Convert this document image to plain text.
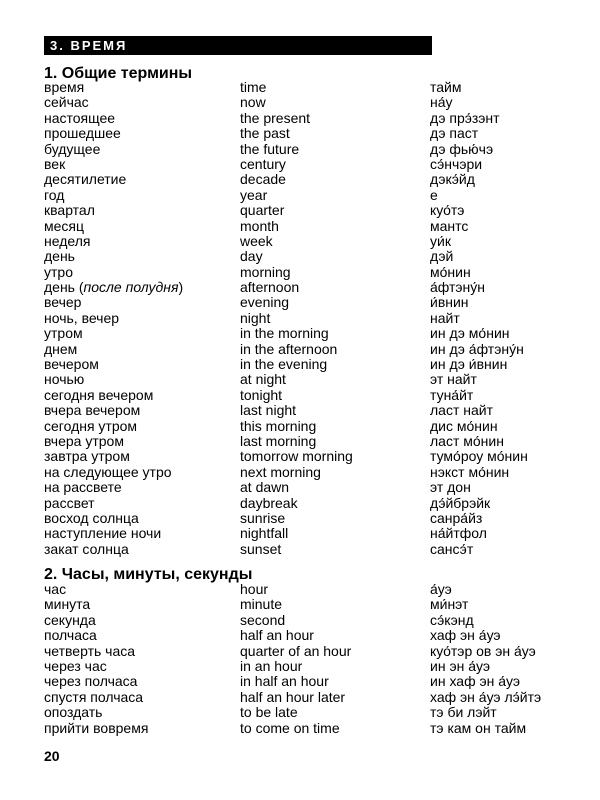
3. ВРЕМЯ
1. Общие термины
время	time	тайм
сейчас	now	на́у
настоящее	the present	дэ прэ́зэнт
прошедшее	the past	дэ паст
будущее	the future	дэ фью́чэ
век	century	сэ́нчэри
десятилетие	decade	дэкэ́йд
год	year	е
квартал	quarter	куо́тэ
месяц	month	мантс
неделя	week	уи́к
день	day	дэй
утро	morning	мо́нин
день (после полудня)	afternoon	а́фтэну́н
вечер	evening	и́внин
ночь, вечер	night	найт
утром	in the morning	ин дэ мо́нин
днем	in the afternoon	ин дэ а́фтэну́н
вечером	in the evening	ин дэ и́внин
ночью	at night	эт найт
сегодня вечером	tonight	туна́йт
вчера вечером	last night	ласт найт
сегодня утром	this morning	дис мо́нин
вчера утром	last morning	ласт мо́нин
завтра утром	tomorrow morning	тумо́роу мо́нин
на следующее утро	next morning	нэкст мо́нин
на рассвете	at dawn	эт дон
рассвет	daybreak	дэ́йбрэйк
восход солнца	sunrise	санра́йз
наступление ночи	nightfall	на́йтфол
закат солнца	sunset	сансэ́т
2. Часы, минуты, секунды
час	hour	а́уэ
минута	minute	ми́нэт
секунда	second	сэ́кэнд
полчаса	half an hour	хаф эн а́уэ
четверть часа	quarter of an hour	куо́тэр ов эн а́уэ
через час	in an hour	ин эн а́уэ
через полчаса	in half an hour	ин хаф эн а́уэ
спустя полчаса	half an hour later	хаф эн а́уэ лэ́йтэ
опоздать	to be late	тэ би лэйт
прийти вовремя	to come on time	тэ кам он тайм
20
